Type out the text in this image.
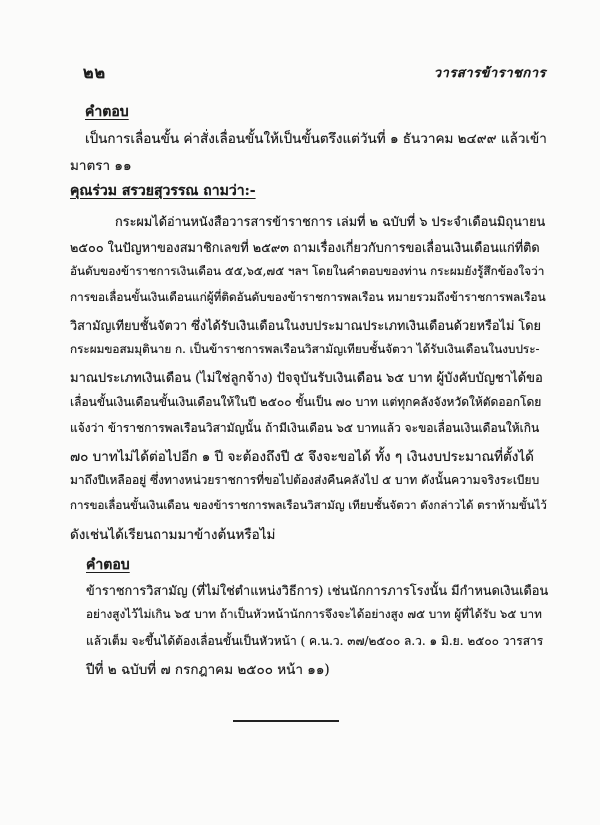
๒๒	วารสารข้าราชการ
คำตอบ
เป็นการเลื่อนขั้น ค่าสั่งเลื่อนขั้นให้เป็นขั้นตรึงแต่วันที่ ๑ ธันวาคม ๒๔๙๙ แล้วเข้า
มาตรา ๑๑
คุณร่วม สรวยสุวรรณ ถามว่า:-
กระผมได้อ่านหนังสือวารสารข้าราชการ เล่มที่ ๒ ฉบับที่ ๖ ประจำเดือนมิถุนายน
๒๕๐๐ ในปัญหาของสมาชิกเลขที่ ๒๕๙๓ ถามเรื่องเกี่ยวกับการขอเลื่อนเงินเดือนแก่ที่ติด
อันดับของข้าราชการเงินเดือน ๕๕,๖๕,๗๕ ฯลฯ โดยในคำตอบของท่าน กระผมยังรู้สึกข้องใจว่า
การขอเลื่อนขั้นเงินเดือนแก่ผู้ที่ติดอันดับของข้าราชการพลเรือน หมายรวมถึงข้าราชการพลเรือน
วิสามัญเทียบชั้นจัตวา ซึ่งได้รับเงินเดือนในงบประมาณประเภทเงินเดือนด้วยหรือไม่ โดย
กระผมขอสมมุตินาย ก. เป็นข้าราชการพลเรือนวิสามัญเทียบชั้นจัตวา ได้รับเงินเดือนในงบประ-
มาณประเภทเงินเดือน (ไม่ใช่ลูกจ้าง) ปัจจุบันรับเงินเดือน ๖๕ บาท ผู้บังคับบัญชาได้ขอ
เลื่อนขั้นเงินเดือนขั้นเงินเดือนให้ในปี ๒๕๐๐ ขั้นเป็น ๗๐ บาท แต่ทุกคลังจังหวัดให้ตัดออกโดย
แจ้งว่า ข้าราชการพลเรือนวิสามัญนั้น ถ้ามีเงินเดือน ๖๕ บาทแล้ว จะขอเลื่อนเงินเดือนให้เกิน
๗๐ บาทไม่ได้ต่อไปอีก ๑ ปี จะต้องถึงปี ๕ จึงจะขอได้ ทั้ง ๆ เงินงบประมาณที่ตั้งได้
มาถึงปีเหลืออยู่ ซึ่งทางหน่วยราชการที่ขอไปต้องส่งคืนคลังไป ๕ บาท ดังนั้นความจริงระเบียบ
การขอเลื่อนขั้นเงินเดือน ของข้าราชการพลเรือนวิสามัญ เทียบชั้นจัตวา ดังกล่าวได้ ตราห้ามขั้นไว้
ดังเช่นได้เรียนถามมาข้างต้นหรือไม่
คำตอบ
ข้าราชการวิสามัญ (ที่ไม่ใช่ตำแหน่งวิธีการ) เช่นนักการภารโรงนั้น มีกำหนดเงินเดือน
อย่างสูงไว้ไม่เกิน ๖๕ บาท ถ้าเป็นหัวหน้านักการจึงจะได้อย่างสูง ๗๕ บาท ผู้ที่ได้รับ ๖๕ บาท
แล้วเต็ม จะขึ้นได้ต้องเลื่อนขั้นเป็นหัวหน้า ( ค.น.ว. ๓๗/๒๕๐๐ ล.ว. ๑ มิ.ย. ๒๕๐๐ วารสาร
ปีที่ ๒ ฉบับที่ ๗ กรกฎาคม ๒๕๐๐ หน้า ๑๑)
